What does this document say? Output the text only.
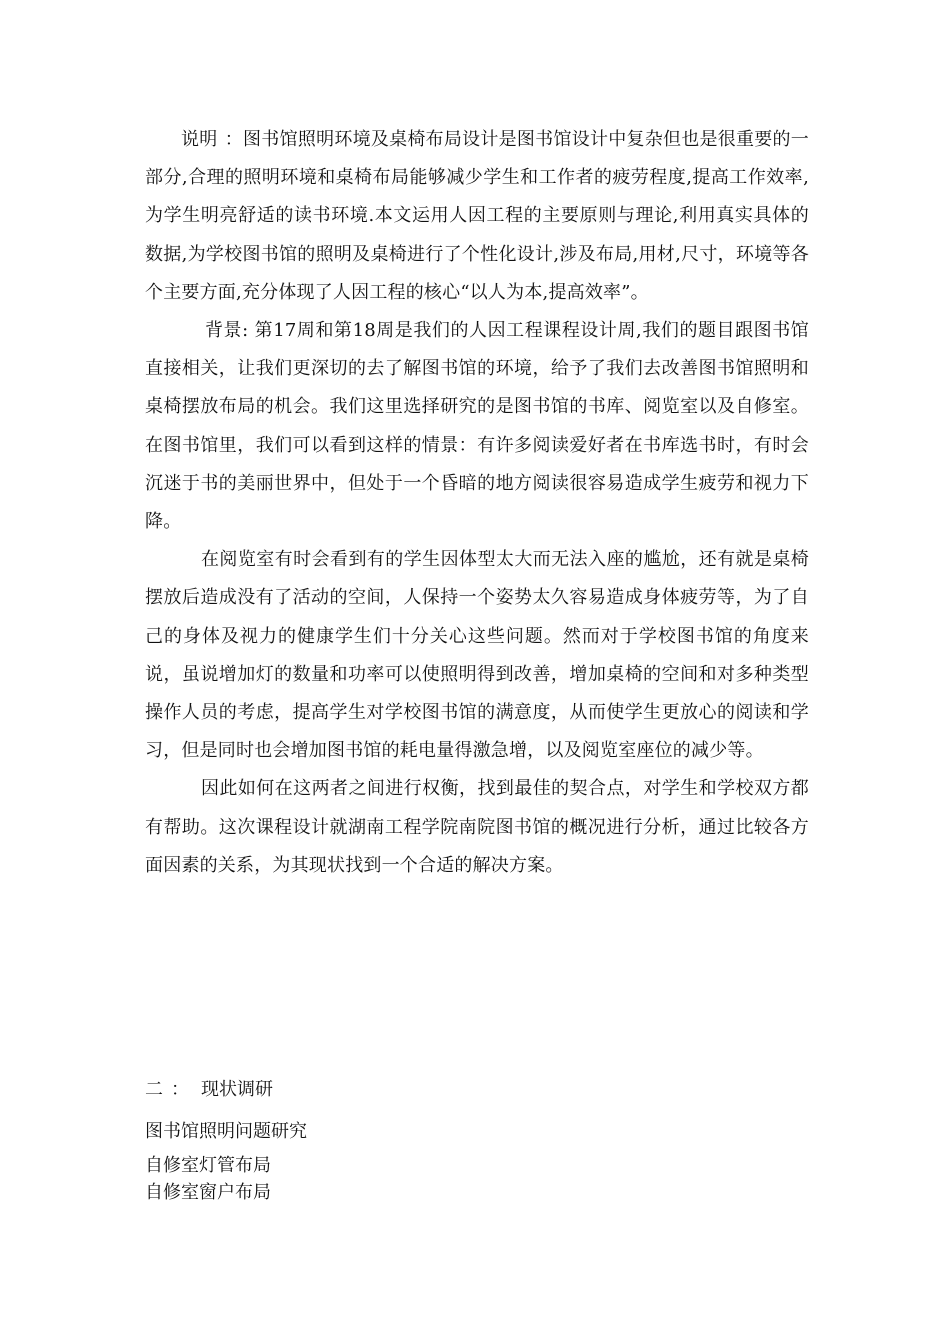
说明 ：图书馆照明环境及桌椅布局设计是图书馆设计中复杂但也是很重要的一部分,合理的照明环境和桌椅布局能够减少学生和工作者的疲劳程度,提高工作效率,为学生明亮舒适的读书环境.本文运用人因工程的主要原则与理论,利用真实具体的数据,为学校图书馆的照明及桌椅进行了个性化设计,涉及布局,用材,尺寸，环境等各个主要方面,充分体现了人因工程的核心“以人为本,提高效率”。

背景: 第17周和第18周是我们的人因工程课程设计周,我们的题目跟图书馆直接相关，让我们更深切的去了解图书馆的环境，给予了我们去改善图书馆照明和桌椅摆放布局的机会。我们这里选择研究的是图书馆的书库、阅览室以及自修室。在图书馆里，我们可以看到这样的情景：有许多阅读爱好者在书库选书时，有时会沉迷于书的美丽世界中，但处于一个昏暗的地方阅读很容易造成学生疲劳和视力下降。

在阅览室有时会看到有的学生因体型太大而无法入座的尴尬，还有就是桌椅摆放后造成没有了活动的空间，人保持一个姿势太久容易造成身体疲劳等，为了自己的身体及视力的健康学生们十分关心这些问题。然而对于学校图书馆的角度来说，虽说增加灯的数量和功率可以使照明得到改善，增加桌椅的空间和对多种类型操作人员的考虑，提高学生对学校图书馆的满意度，从而使学生更放心的阅读和学习，但是同时也会增加图书馆的耗电量得激急增，以及阅览室座位的减少等。

因此如何在这两者之间进行权衡，找到最佳的契合点，对学生和学校双方都有帮助。这次课程设计就湖南工程学院南院图书馆的概况进行分析，通过比较各方面因素的关系，为其现状找到一个合适的解决方案。

二 ： 现状调研
图书馆照明问题研究
自修室灯管布局
自修室窗户布局
